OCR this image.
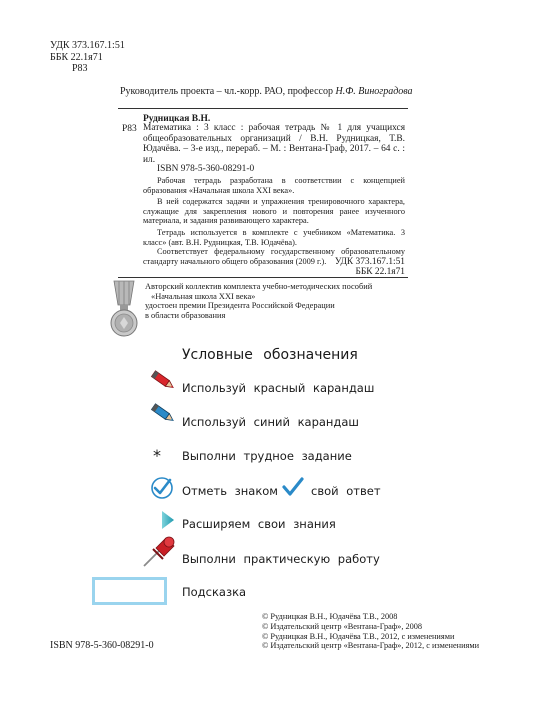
УДК 373.167.1:51
ББК 22.1я71
Р83
Руководитель проекта – чл.-корр. РАО, профессор Н.Ф. Виноградова
Р83
Рудницкая В.Н.
Математика : 3 класс : рабочая тетрадь № 1 для учащихся общеобразовательных организаций / В.Н. Рудницкая, Т.В. Юдачёва. – 3-е изд., перераб. – М. : Вентана-Граф, 2017. – 64 с. : ил.
ISBN 978-5-360-08291-0

Рабочая тетрадь разработана в соответствии с концепцией образования «Начальная школа XXI века».

В ней содержатся задачи и упражнения тренировочного характера, служащие для закрепления нового и повторения ранее изученного материала, и задания развивающего характера.

Тетрадь используется в комплекте с учебником «Математика. 3 класс» (авт. В.Н. Рудницкая, Т.В. Юдачёва).

Соответствует федеральному государственному образовательному стандарту начального общего образования (2009 г.). УДК 373.167.1:51
ББК 22.1я71
Авторский коллектив комплекта учебно-методических пособий
«Начальная школа XXI века»
удостоен премии Президента Российской Федерации
в области образования
Условные обозначения
Используй красный карандаш
Используй синий карандаш
* Выполни трудное задание
Отметь знаком	свой ответ
Расширяем свои знания
Выполни практическую работу
Подсказка
© Рудницкая В.Н., Юдачёва Т.В., 2008
© Издательский центр «Вентана-Граф», 2008
© Рудницкая В.Н., Юдачёва Т.В., 2012, с изменениями
© Издательский центр «Вентана-Граф», 2012, с изменениями
ISBN 978-5-360-08291-0
